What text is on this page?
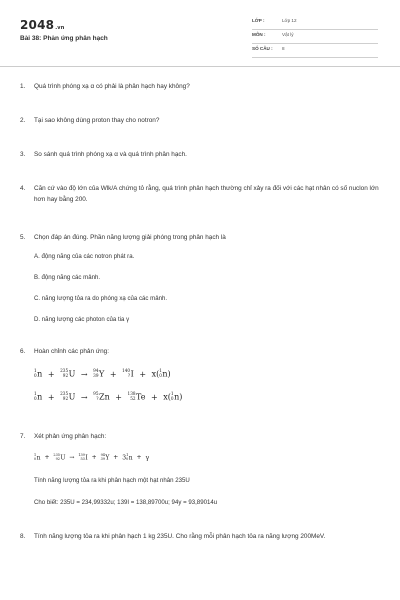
2048.vn
Bài 38: Phản ứng phân hạch
LỚP :	Lớp 12
MÔN :	Vật lý
SỐ CÂU : 8
1. Quá trình phóng xạ α có phải là phân hạch hay không?
2. Tại sao không dùng proton thay cho notron?
3. So sánh quá trình phóng xạ α và quá trình phân hạch.
4. Căn cứ vào độ lớn của Wlk/A chứng tỏ rằng, quá trình phân hạch thường chỉ xảy ra đối với các hạt nhân có số nuclon lớn hơn hay bằng 200.
5. Chọn đáp án đúng. Phần năng lượng giải phóng trong phân hạch là
A. động năng của các notron phát ra.
B. động năng các mảnh.
C. năng lượng tỏa ra do phóng xạ của các mảnh.
D. năng lượng các photon của tia γ
6. Hoàn chỉnh các phản ứng:
1
0 n + 235
92 U → 94
39 Y + 140
? I + x( 1
0 n)
1
0 n + 235
92 U → 95
? Zn + 138
52 Te + x( 1
0 n)
7. Xét phản ứng phân hạch:
1
0 n + 235
92 U → 139
53 I + 94
39 Y + 3 1
0 n + γ
Tính năng lượng tỏa ra khi phân hạch một hạt nhân 235U
Cho biết: 235U = 234,99332u; 139I = 138,89700u; 94y = 93,89014u
8. Tính năng lượng tỏa ra khi phân hạch 1 kg 235U. Cho rằng mỗi phân hạch tỏa ra năng lượng 200MeV.
